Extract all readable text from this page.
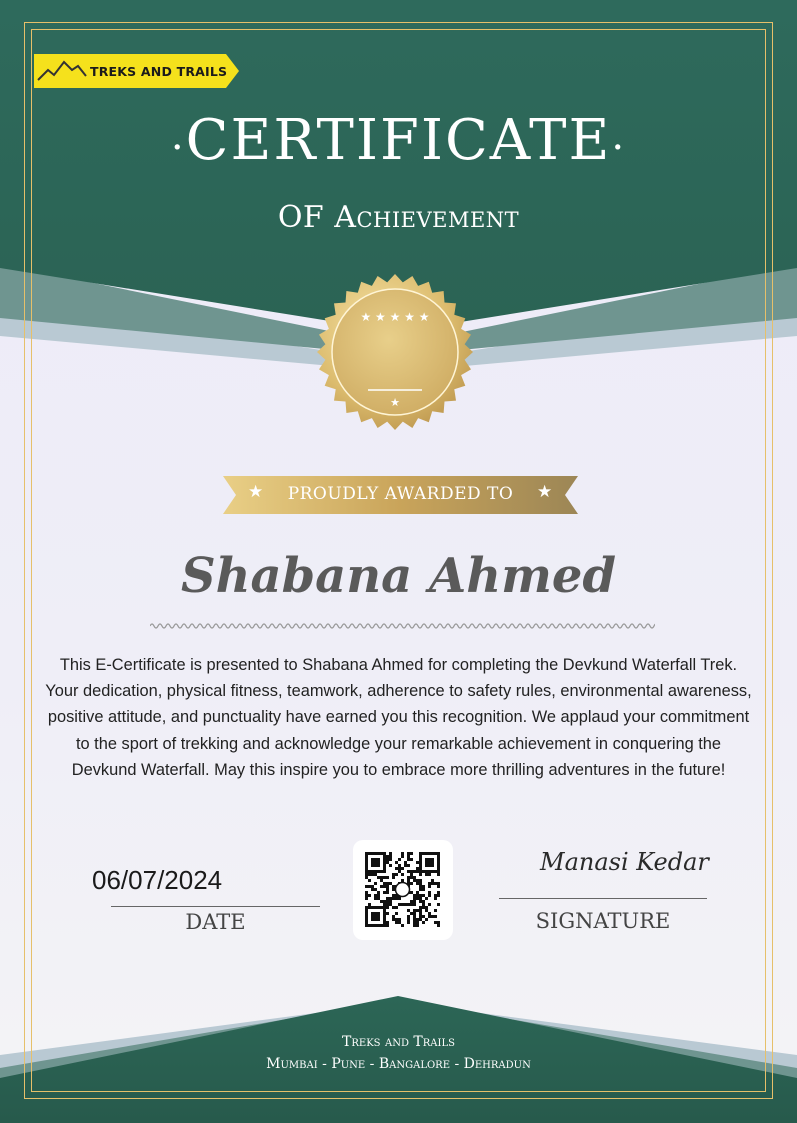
TREKS AND TRAILS
.CERTIFICATE.
OF Achievement
★ ★ ★ ★ ★
★
★	PROUDLY AWARDED TO	★
Shabana Ahmed
This E-Certificate is presented to Shabana Ahmed for completing the Devkund Waterfall Trek. Your dedication, physical fitness, teamwork, adherence to safety rules, environmental awareness, positive attitude, and punctuality have earned you this recognition. We applaud your commitment to the sport of trekking and acknowledge your remarkable achievement in conquering the Devkund Waterfall. May this inspire you to embrace more thrilling adventures in the future!
06/07/2024
DATE
Manasi Kedar
SIGNATURE
Treks and Trails
Mumbai - Pune - Bangalore - Dehradun
